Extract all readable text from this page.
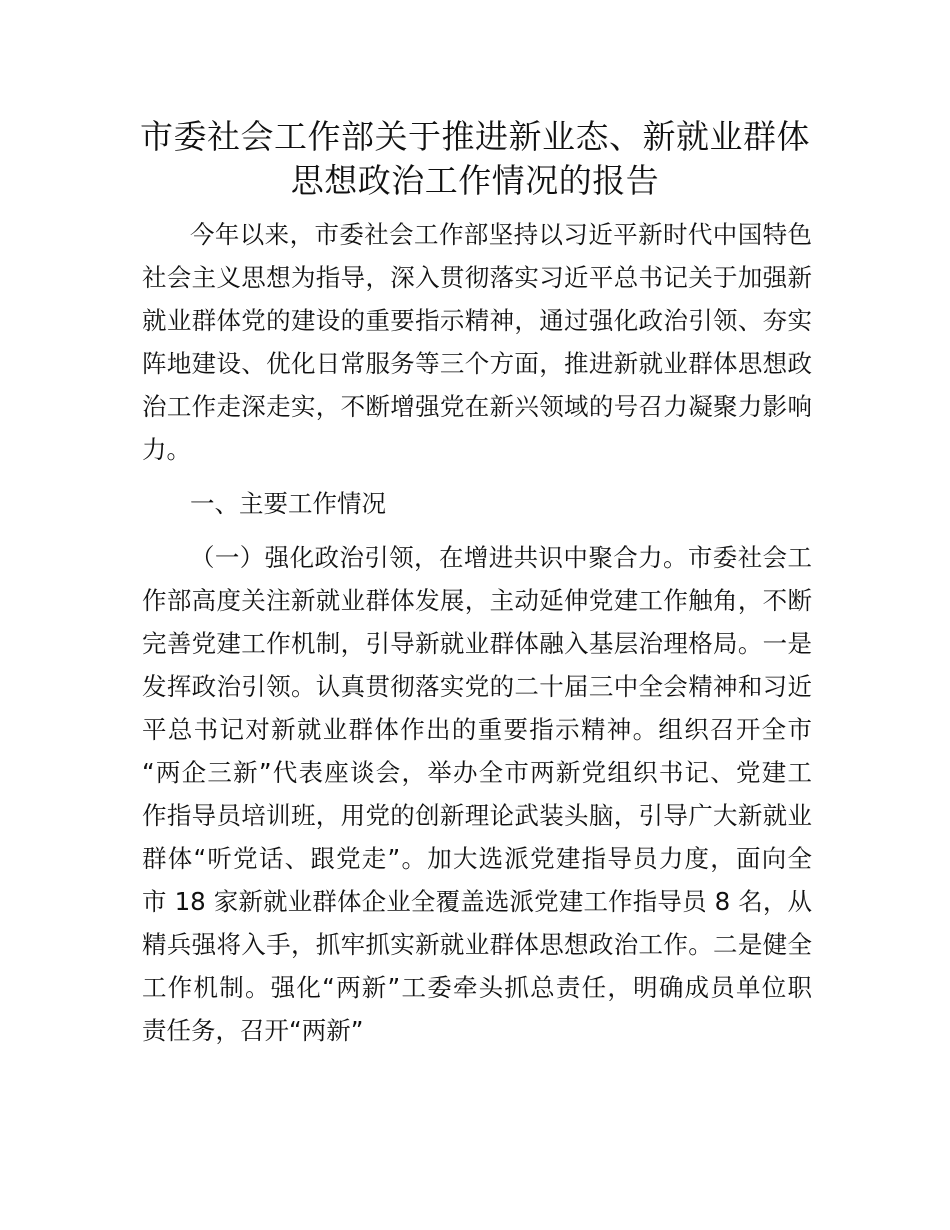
市委社会工作部关于推进新业态、新就业群体
思想政治工作情况的报告
今年以来，市委社会工作部坚持以习近平新时代中国特色
社会主义思想为指导，深入贯彻落实习近平总书记关于加强新
就业群体党的建设的重要指示精神，通过强化政治引领、夯实
阵地建设、优化日常服务等三个方面，推进新就业群体思想政
治工作走深走实，不断增强党在新兴领域的号召力凝聚力影响
力。
一、主要工作情况
（一）强化政治引领，在增进共识中聚合力。市委社会工
作部高度关注新就业群体发展，主动延伸党建工作触角，不断
完善党建工作机制，引导新就业群体融入基层治理格局。一是
发挥政治引领。认真贯彻落实党的二十届三中全会精神和习近
平总书记对新就业群体作出的重要指示精神。组织召开全市
“两企三新”代表座谈会，举办全市两新党组织书记、党建工
作指导员培训班，用党的创新理论武装头脑，引导广大新就业
群体“听党话、跟党走”。加大选派党建指导员力度，面向全
市 18 家新就业群体企业全覆盖选派党建工作指导员 8 名，从
精兵强将入手，抓牢抓实新就业群体思想政治工作。二是健全
工作机制。强化“两新”工委牵头抓总责任，明确成员单位职
责任务，召开“两新”
